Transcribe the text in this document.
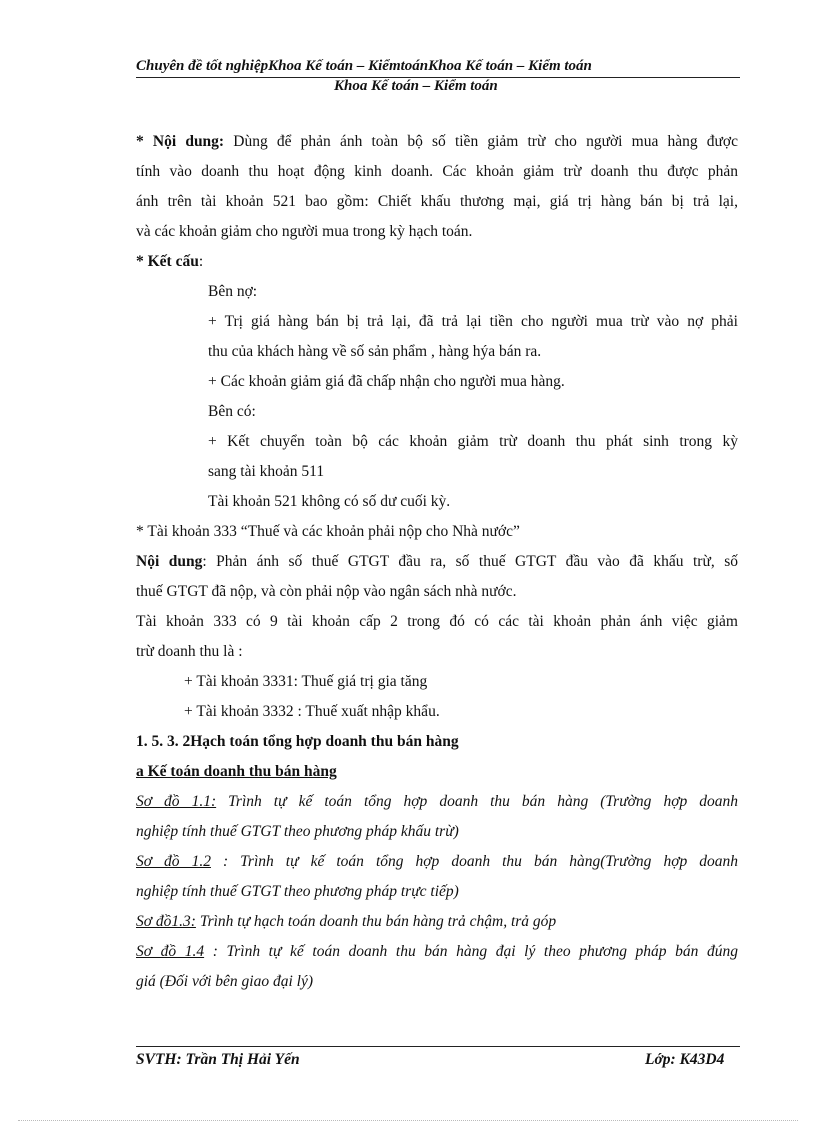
Chuyên đề tốt nghiệpKhoa Kế toán – KiểmtoánKhoa Kế toán – Kiểm toán
Khoa Kế toán – Kiểm toán
* Nội dung: Dùng để phản ánh toàn bộ số tiền giảm trừ cho người mua hàng được
tính vào doanh thu hoạt động kinh doanh. Các khoản giảm trừ doanh thu được phản
ánh trên tài khoản 521 bao gồm: Chiết khấu thương mại, giá trị hàng bán bị trả lại,
và các khoản giảm cho người mua trong kỳ hạch toán.
* Kết cấu:
Bên nợ:
+ Trị giá hàng bán bị trả lại, đã trả lại tiền cho người mua trừ vào nợ phải
thu của khách hàng về số sản phẩm , hàng hýa bán ra.
+ Các khoản giảm giá đã chấp nhận cho người mua hàng.
Bên có:
+ Kết chuyển toàn bộ các khoản giảm trừ doanh thu phát sinh trong kỳ
sang tài khoản 511
Tài khoản 521 không có số dư cuối kỳ.
* Tài khoản 333 “Thuế và các khoản phải nộp cho Nhà nước”
Nội dung: Phản ánh số thuế GTGT đầu ra, số thuế GTGT đầu vào đã khấu trừ, số
thuế GTGT đã nộp, và còn phải nộp vào ngân sách nhà nước.
Tài khoản 333 có 9 tài khoản cấp 2 trong đó có các tài khoản phản ánh việc giảm
trừ doanh thu là :
+ Tài khoản 3331: Thuế giá trị gia tăng
+ Tài khoản 3332 : Thuế xuất nhập khẩu.
1. 5. 3. 2Hạch toán tổng hợp doanh thu bán hàng
a Kế toán doanh thu bán hàng
Sơ đồ 1.1: Trình tự kế toán tổng hợp doanh thu bán hàng (Trường hợp doanh
nghiệp tính thuế GTGT theo phương pháp khấu trừ)
Sơ đồ 1.2 : Trình tự kế toán tổng hợp doanh thu bán hàng(Trường hợp doanh
nghiệp tính thuế GTGT theo phương pháp trực tiếp)
Sơ đồ1.3: Trình tự hạch toán doanh thu bán hàng trả chậm, trả góp
Sơ đồ 1.4 : Trình tự kế toán doanh thu bán hàng đại lý theo phương pháp bán đúng
giá (Đối với bên giao đại lý)
SVTH: Trần Thị Hải Yến	Lớp: K43D4
